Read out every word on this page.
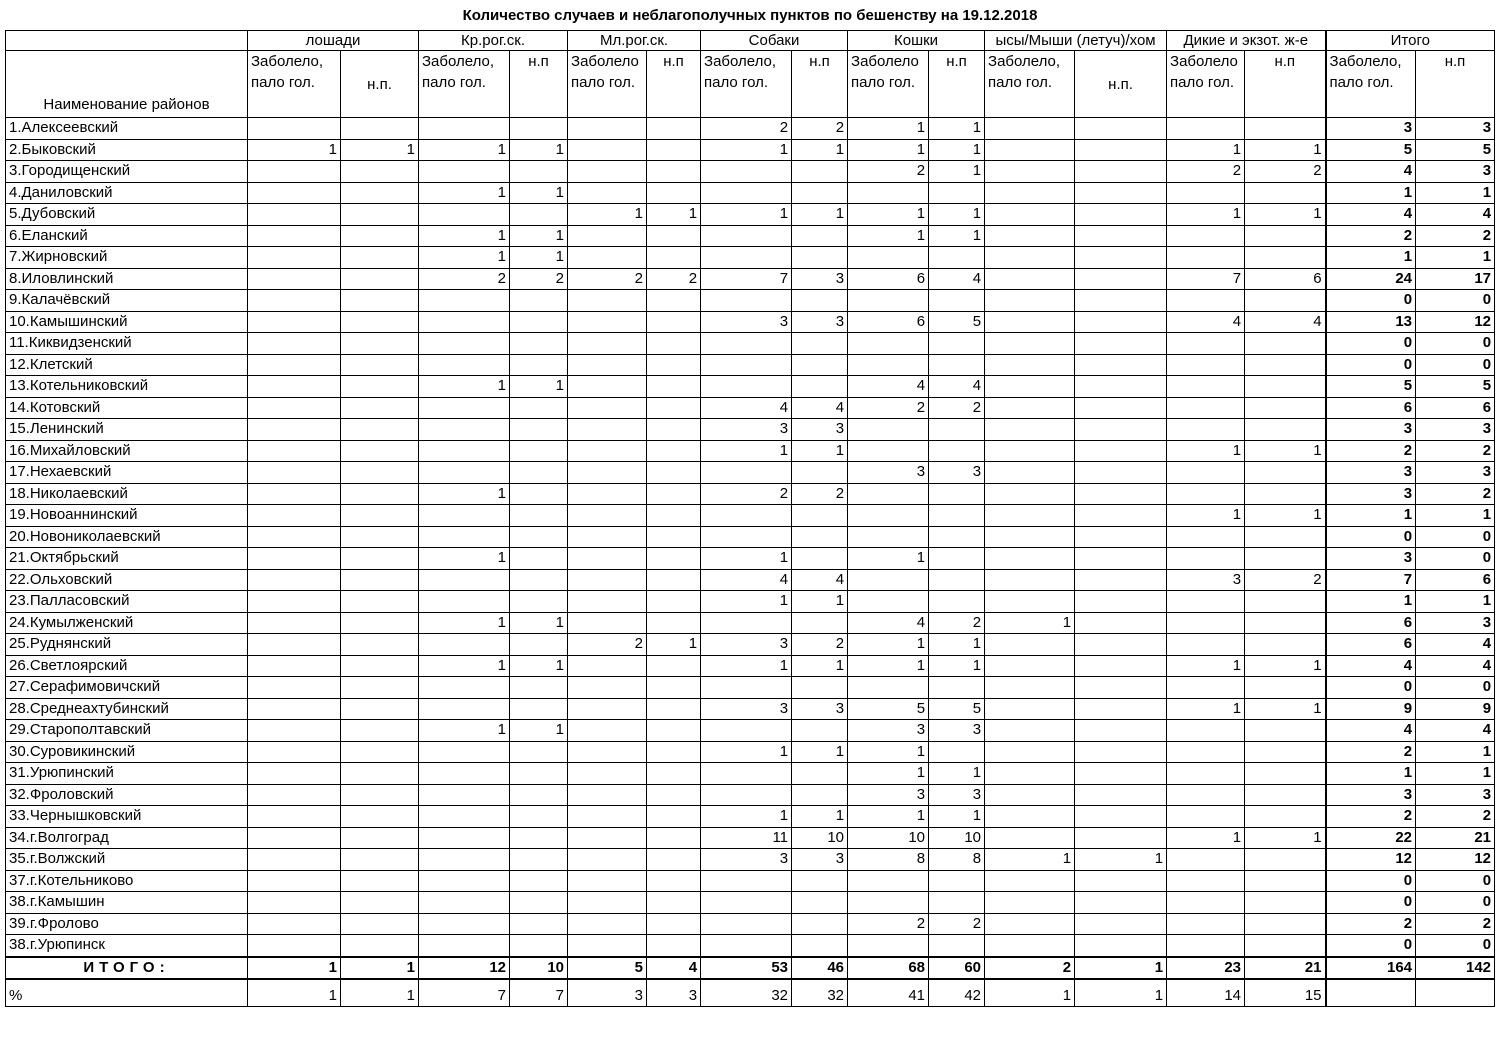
Количество случаев и неблагополучных пунктов по бешенству на 19.12.2018
	лошади		Кр.рог.ск.		Мл.рог.ск.		Собаки		Кошки		ысы/Мыши (летуч)/хом		Дикие и экзот. ж-е		Итого	
Наименование районов	Заболело, пало гол.	н.п.	Заболело, пало гол.	н.п	Заболело пало гол.	н.п	Заболело, пало гол.	н.п	Заболело пало гол.	н.п	Заболело, пало гол.	н.п.	Заболело пало гол.	н.п	Заболело, пало гол.	н.п
1.Алексеевский							2	2	1	1					3	3
2.Быковский	1	1	1	1			1	1	1	1			1	1	5	5
3.Городищенский									2	1			2	2	4	3
4.Даниловский			1	1											1	1
5.Дубовский					1	1	1	1	1	1			1	1	4	4
6.Еланский			1	1					1	1					2	2
7.Жирновский			1	1											1	1
8.Иловлинский			2	2	2	2	7	3	6	4			7	6	24	17
9.Калачёвский															0	0
10.Камышинский							3	3	6	5			4	4	13	12
11.Киквидзенский															0	0
12.Клетский															0	0
13.Котельниковский			1	1					4	4					5	5
14.Котовский							4	4	2	2					6	6
15.Ленинский							3	3							3	3
16.Михайловский							1	1					1	1	2	2
17.Нехаевский									3	3					3	3
18.Николаевский			1				2	2							3	2
19.Новоаннинский													1	1	1	1
20.Новониколаевский															0	0
21.Октябрьский			1				1		1						3	0
22.Ольховский							4	4					3	2	7	6
23.Палласовский							1	1							1	1
24.Кумылженский			1	1					4	2	1				6	3
25.Руднянский					2	1	3	2	1	1					6	4
26.Светлоярский			1	1			1	1	1	1			1	1	4	4
27.Серафимовичский															0	0
28.Среднеахтубинский							3	3	5	5			1	1	9	9
29.Старополтавский			1	1					3	3					4	4
30.Суровикинский							1	1	1						2	1
31.Урюпинский									1	1					1	1
32.Фроловский									3	3					3	3
33.Чернышковский							1	1	1	1					2	2
34.г.Волгоград							11	10	10	10			1	1	22	21
35.г.Волжский							3	3	8	8	1	1			12	12
37.г.Котельниково															0	0
38.г.Камышин															0	0
39.г.Фролово									2	2					2	2
38.г.Урюпинск															0	0
ИТОГО:	1	1	12	10	5	4	53	46	68	60	2	1	23	21	164	142
%	1	1	7	7	3	3	32	32	41	42	1	1	14	15		
